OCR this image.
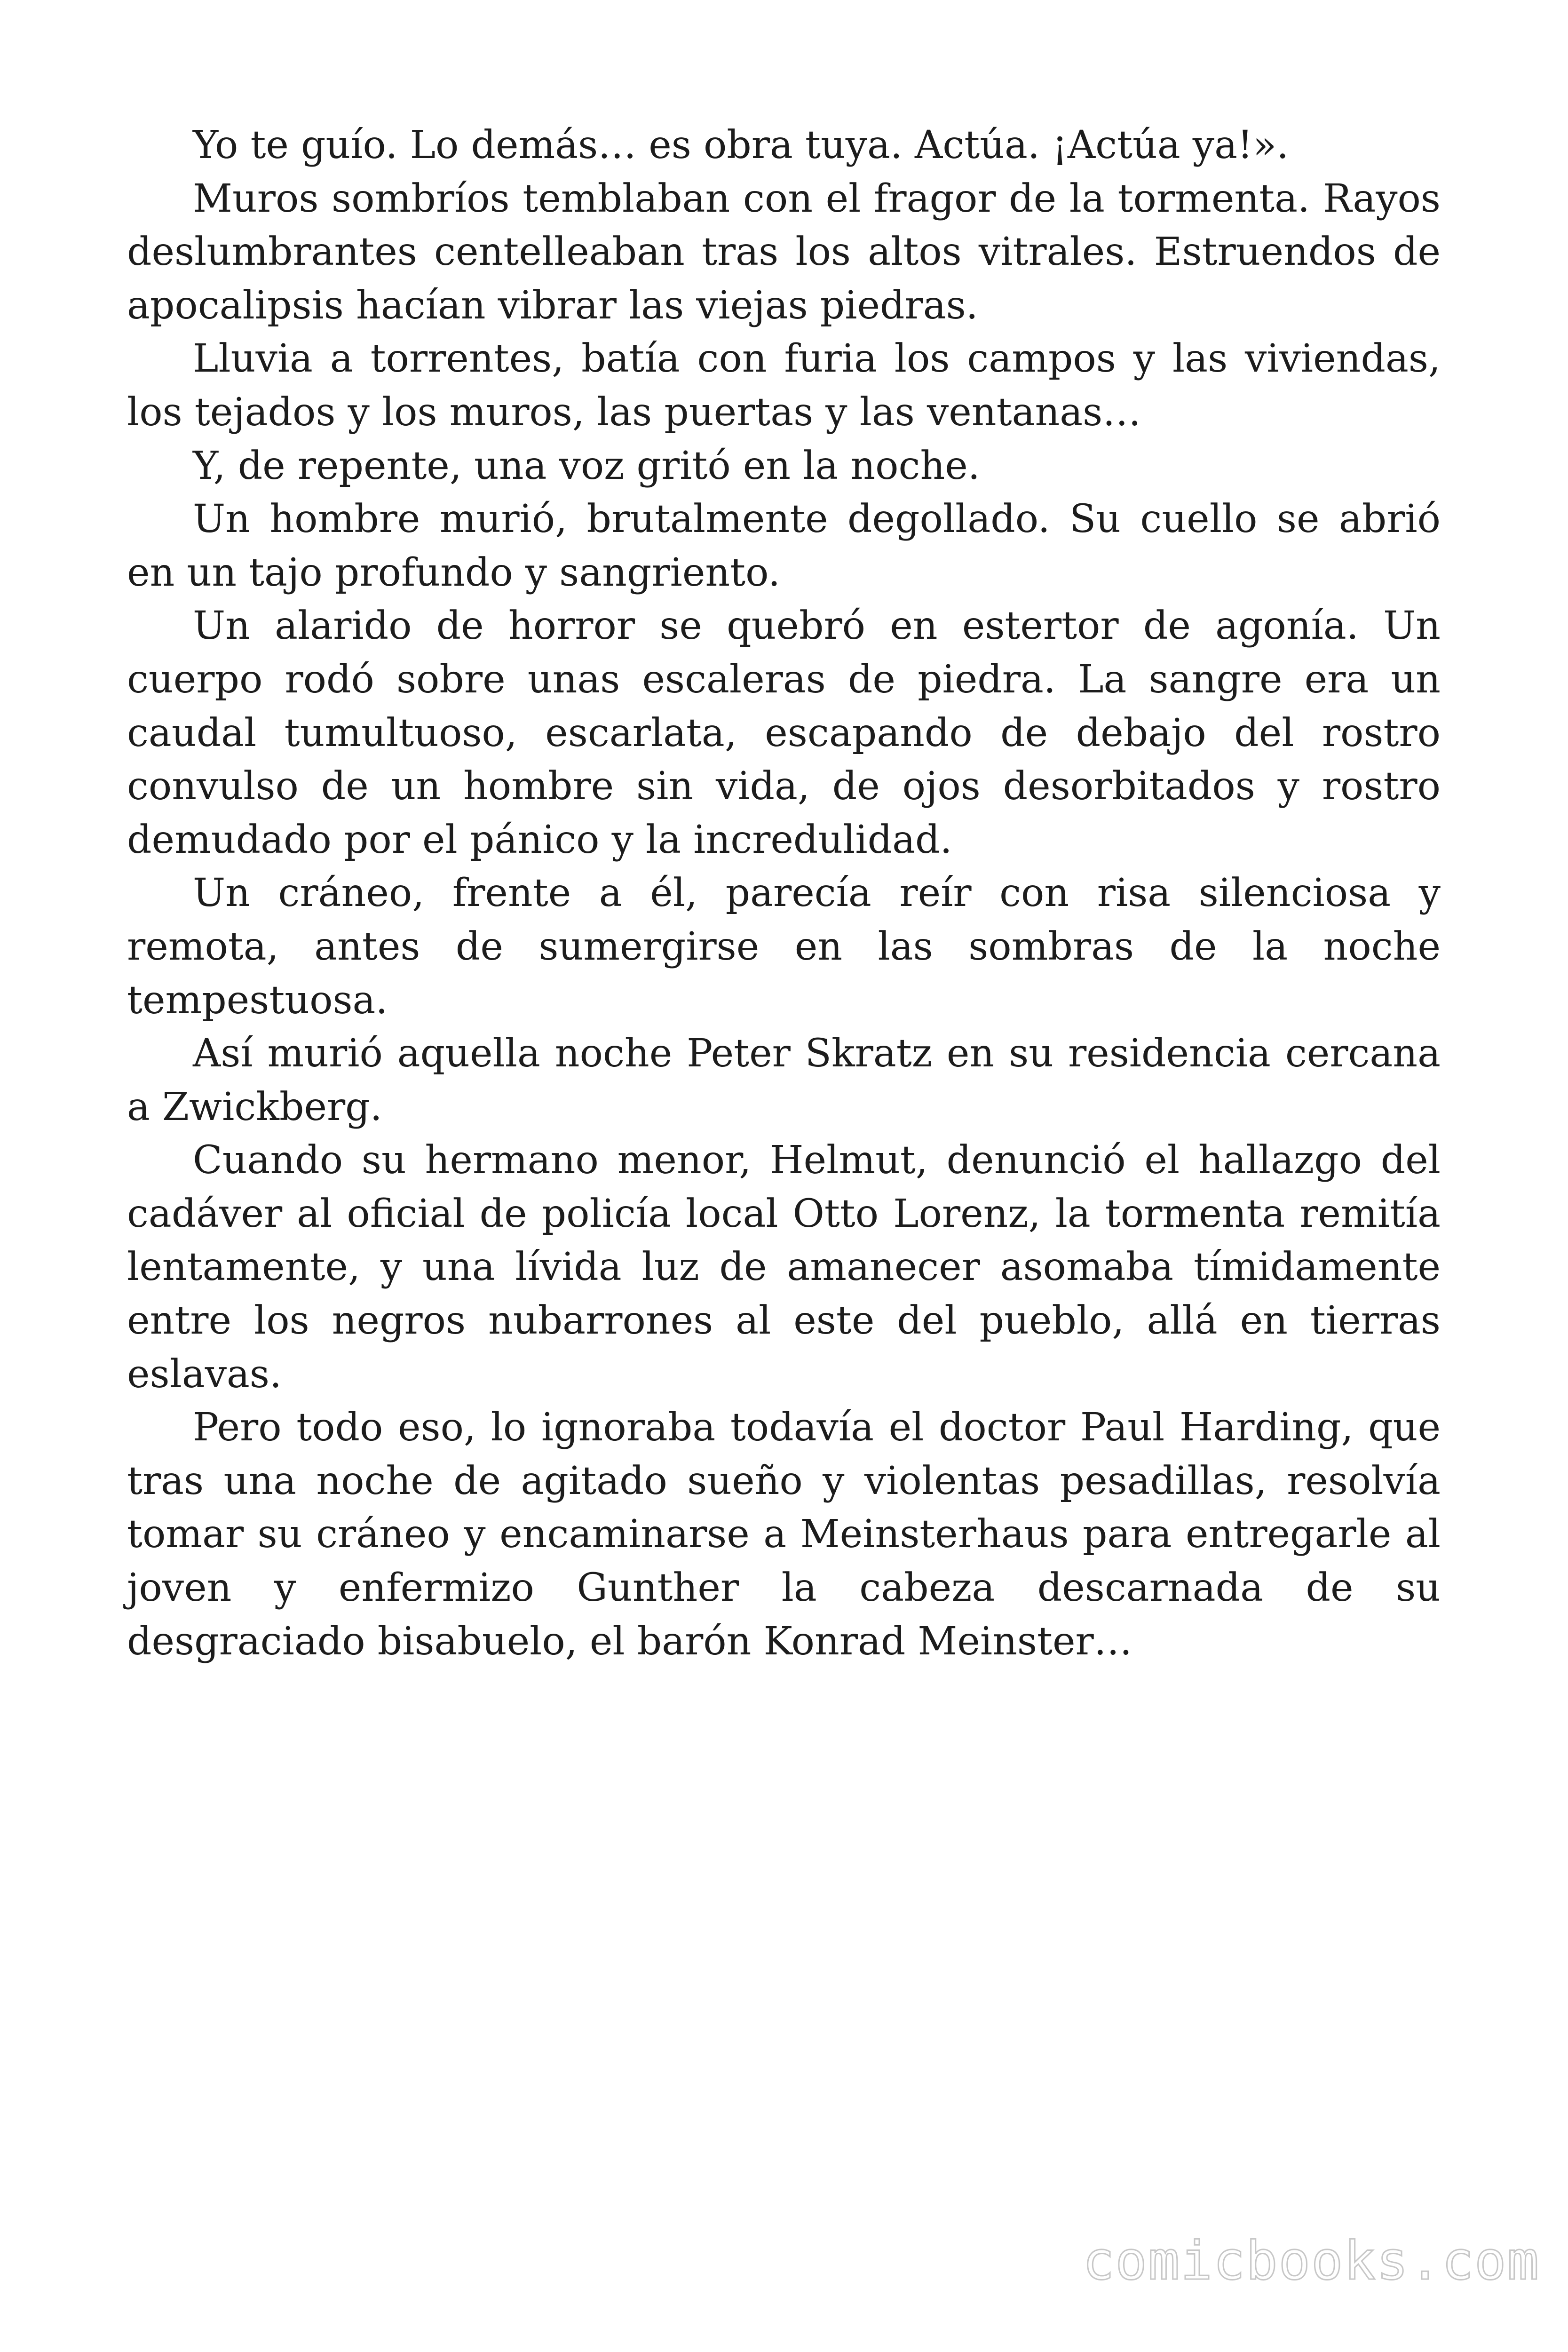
Yo te guío. Lo demás… es obra tuya. Actúa. ¡Actúa ya!».

Muros sombríos temblaban con el fragor de la tormenta. Rayos deslumbrantes centelleaban tras los altos vitrales. Estruendos de apocalipsis hacían vibrar las viejas piedras.

Lluvia a torrentes, batía con furia los campos y las viviendas, los tejados y los muros, las puertas y las ventanas…

Y, de repente, una voz gritó en la noche.

Un hombre murió, brutalmente degollado. Su cuello se abrió en un tajo profundo y sangriento.

Un alarido de horror se quebró en estertor de agonía. Un cuerpo rodó sobre unas escaleras de piedra. La sangre era un caudal tumultuoso, escarlata, escapando de debajo del rostro convulso de un hombre sin vida, de ojos desorbitados y rostro demudado por el pánico y la incredulidad.

Un cráneo, frente a él, parecía reír con risa silenciosa y remota, antes de sumergirse en las sombras de la noche tempestuosa.

Así murió aquella noche Peter Skratz en su residencia cercana a Zwickberg.

Cuando su hermano menor, Helmut, denunció el hallazgo del cadáver al oficial de policía local Otto Lorenz, la tormenta remitía lentamente, y una lívida luz de amanecer asomaba tímidamente entre los negros nubarrones al este del pueblo, allá en tierras eslavas.

Pero todo eso, lo ignoraba todavía el doctor Paul Harding, que tras una noche de agitado sueño y violentas pesadillas, resolvía tomar su cráneo y encaminarse a Meinsterhaus para entregarle al joven y enfermizo Gunther la cabeza descarnada de su desgraciado bisabuelo, el barón Konrad Meinster…

comicbooks.com
